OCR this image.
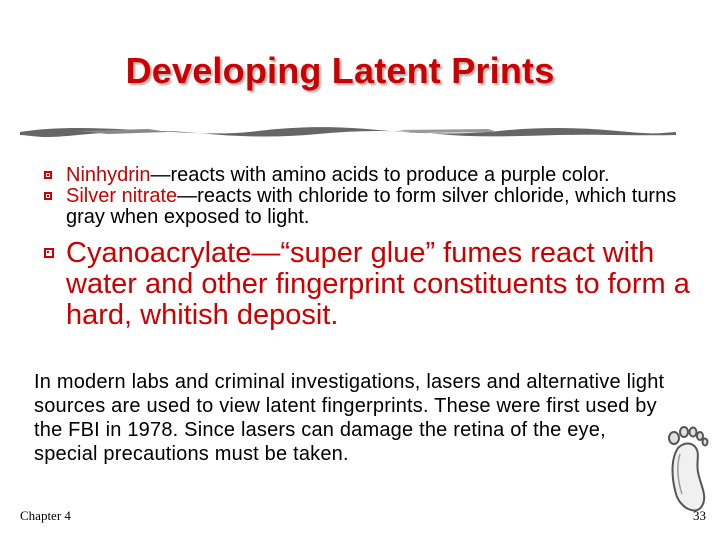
Developing Latent Prints
Ninhydrin—reacts with amino acids to produce a purple color.
Silver nitrate—reacts with chloride to form silver chloride, which turns gray when exposed to light.
Cyanoacrylate—“super glue” fumes react with water and other fingerprint constituents to form a hard, whitish deposit.
In modern labs and criminal investigations, lasers and alternative light sources are used to view latent fingerprints. These were first used by the FBI in 1978. Since lasers can damage the retina of the eye, special precautions must be taken.
Chapter 4	33
